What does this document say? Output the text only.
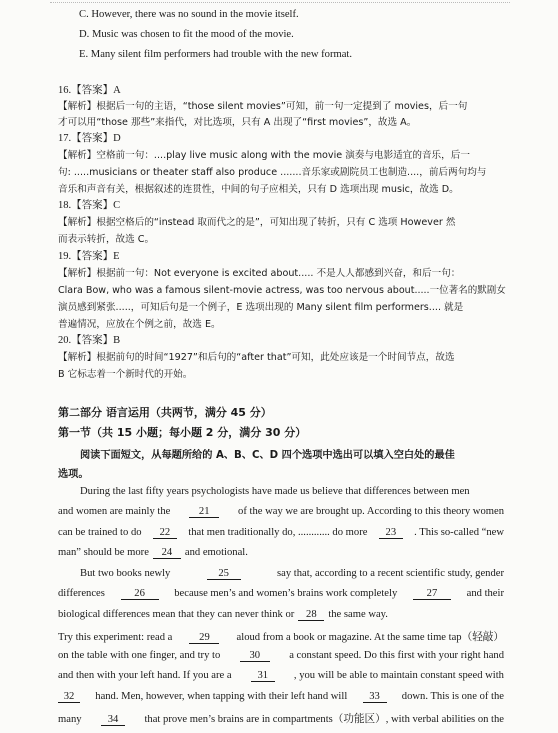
C. However, there was no sound in the movie itself.
D. Music was chosen to fit the mood of the movie.
E. Many silent film performers had trouble with the new format.
16.【答案】A
【解析】根据后一句的主语，“those silent movies”可知，前一句一定提到了 movies，后一句
才可以用“those 那些”来指代，对比选项，只有 A 出现了“first movies”，故选 A。
17.【答案】D
【解析】空格前一句：....play live music along with the movie 演奏与电影适宜的音乐，后一
句: .....musicians or theater staff also produce .......音乐家或剧院员工也制造....，前后两句均与
音乐和声音有关，根据叙述的连贯性，中间的句子应相关，只有 D 选项出现 music，故选 D。
18.【答案】C
【解析】根据空格后的“instead 取而代之的是”，可知出现了转折，只有 C 选项 However 然
而表示转折，故选 C。
19.【答案】E
【解析】根据前一句：Not everyone is excited about..... 不是人人都感到兴奋，和后一句：
Clara Bow, who was a famous silent-movie actress, was too nervous about.....一位著名的默剧女
演员感到紧张.....，可知后句是一个例子，E 选项出现的 Many silent film performers.... 就是
普遍情况，应放在个例之前，故选 E。
20.【答案】B
【解析】根据前句的时间“1927”和后句的“after that”可知，此处应该是一个时间节点，故选
B 它标志着一个新时代的开始。
第二部分 语言运用（共两节，满分 45 分）
第一节（共 15 小题；每小题 2 分，满分 30 分）
阅读下面短文，从每题所给的 A、B、C、D 四个选项中选出可以填入空白处的最佳
选项。
During the last fifty years psychologists have made us believe that differences between men
and women are mainly the	21	of the way we are brought up. According to this theory women
can be trained to do	22	that men traditionally do, ............ do more	23	. This so-called “new
man” should be more	24	and emotional.
But two books newly	25	say that, according to a recent scientific study, gender
differences	26	because men’s and women’s brains work completely	27	and their
biological differences mean that they can never think or	28	the same way.
Try this experiment: read a	29	aloud from a book or magazine. At the same time tap（轻敲）
on the table with one finger, and try to	30	a constant speed. Do this first with your right hand
and then with your left hand. If you are a	31	, you will be able to maintain constant speed with
32	hand. Men, however, when tapping with their left hand will	33	down. This is one of the
many	34	that prove men’s brains are in compartments（功能区）, with verbal abilities on the
